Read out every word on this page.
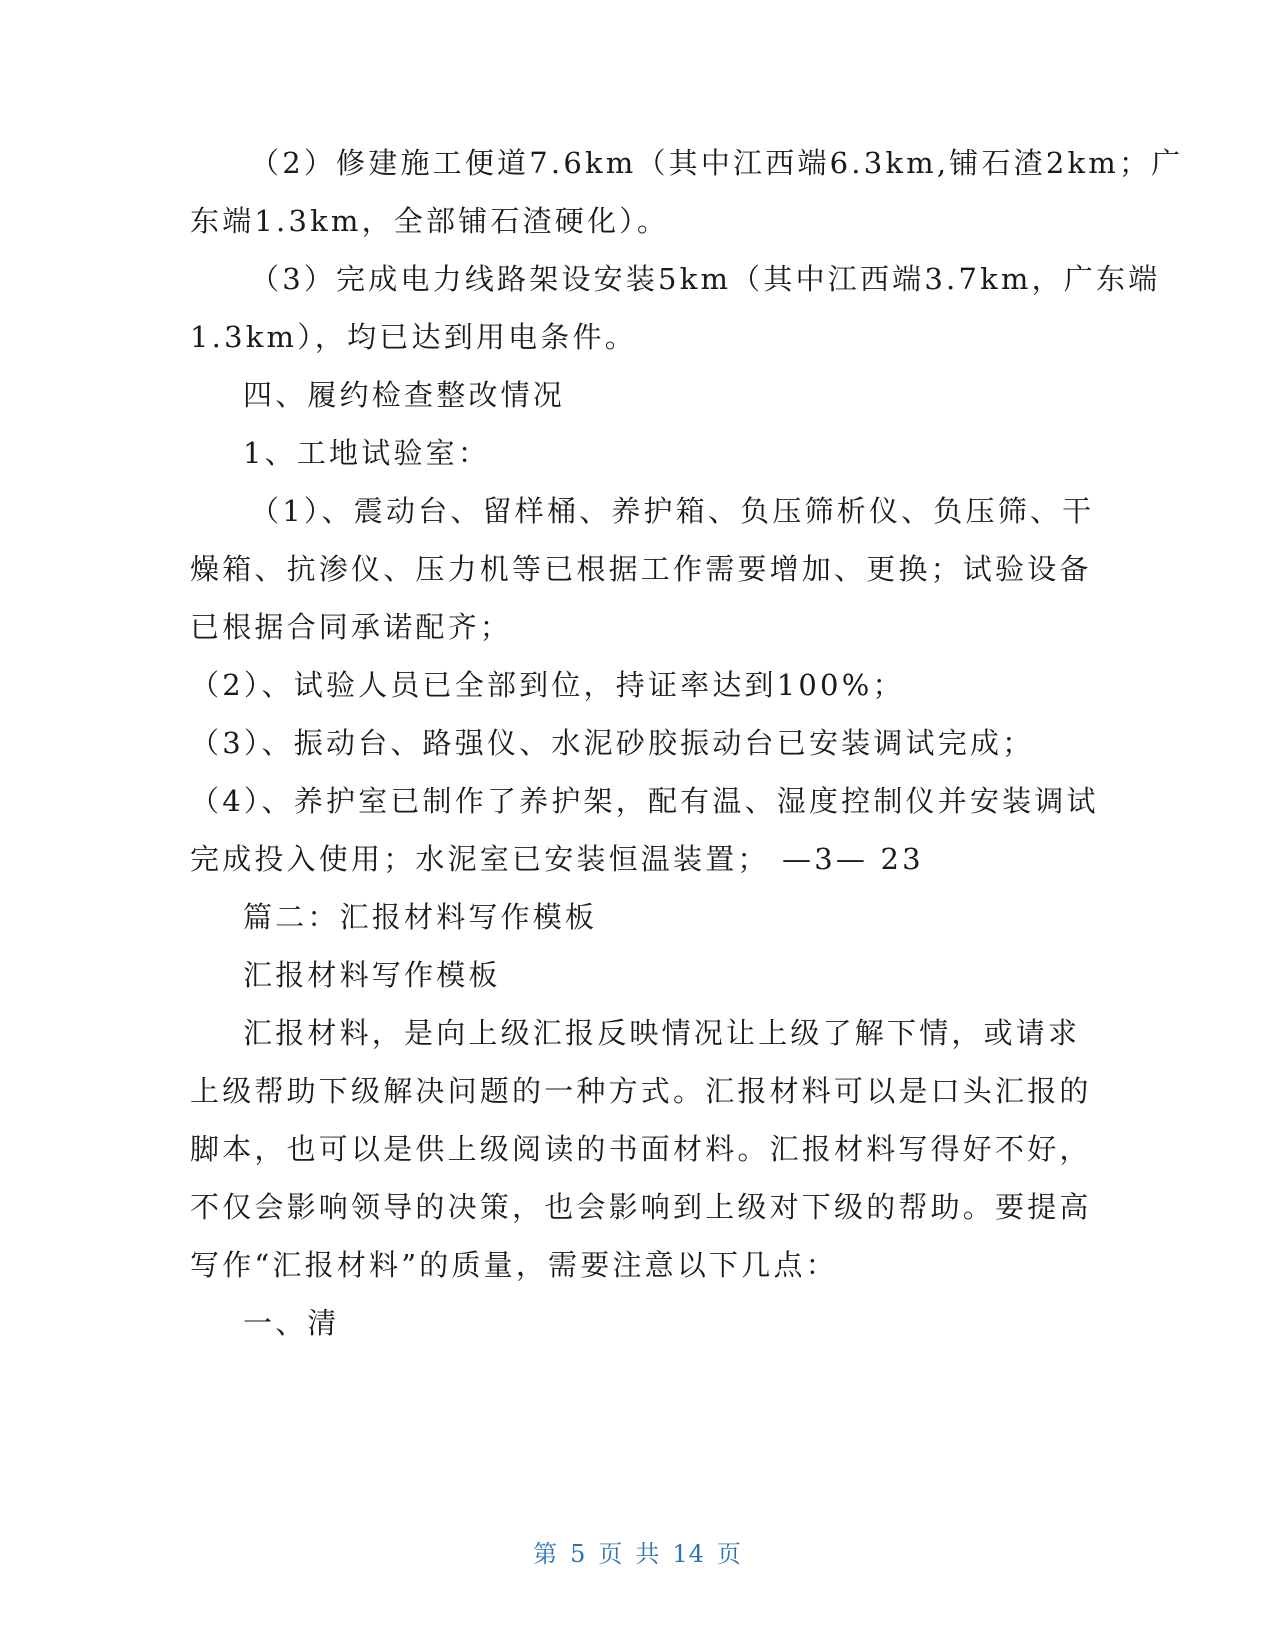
（2）修建施工便道7.6km（其中江西端6.3km,铺石渣2km；广
东端1.3km，全部铺石渣硬化）。
（3）完成电力线路架设安装5km（其中江西端3.7km，广东端
1.3km），均已达到用电条件。
四、履约检查整改情况
1、工地试验室：
（1）、震动台、留样桶、养护箱、负压筛析仪、负压筛、干
燥箱、抗渗仪、压力机等已根据工作需要增加、更换；试验设备
已根据合同承诺配齐；
（2）、试验人员已全部到位，持证率达到100%；
（3）、振动台、路强仪、水泥砂胶振动台已安装调试完成；
（4）、养护室已制作了养护架，配有温、湿度控制仪并安装调试
完成投入使用；水泥室已安装恒温装置； —3— 23
篇二：汇报材料写作模板
汇报材料写作模板
汇报材料，是向上级汇报反映情况让上级了解下情，或请求
上级帮助下级解决问题的一种方式。汇报材料可以是口头汇报的
脚本，也可以是供上级阅读的书面材料。汇报材料写得好不好，
不仅会影响领导的决策，也会影响到上级对下级的帮助。要提高
写作“汇报材料”的质量，需要注意以下几点：
一、清
第 5 页 共 14 页
